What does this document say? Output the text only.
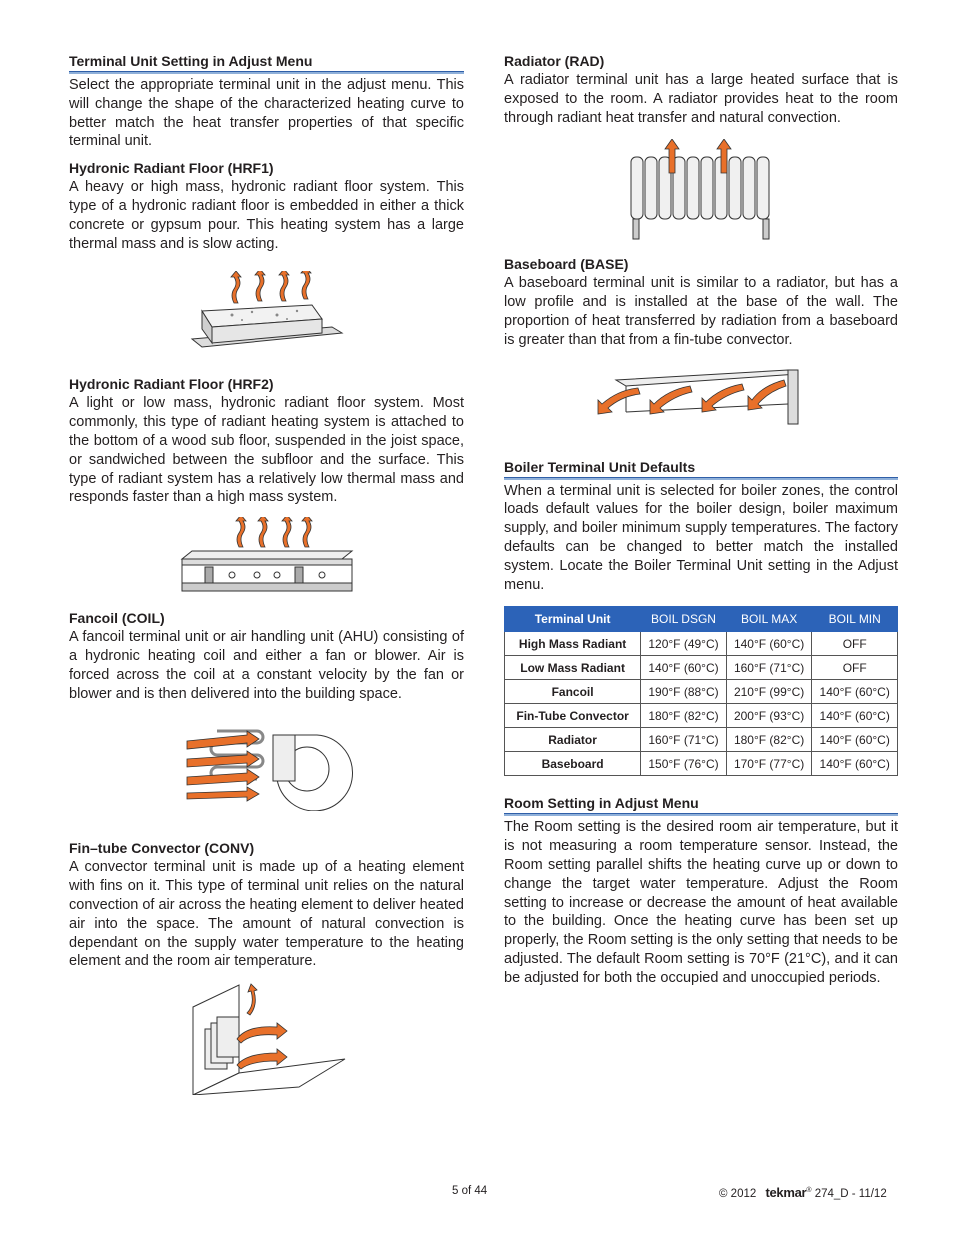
Terminal Unit Setting in Adjust Menu

Select the appropriate terminal unit in the adjust menu. This will change the shape of the characterized heating curve to better match the heat transfer properties of that specific terminal unit.

Hydronic Radiant Floor (HRF1)

A heavy or high mass, hydronic radiant floor system. This type of a hydronic radiant floor is embedded in either a thick concrete or gypsum pour. This heating system has a large thermal mass and is slow acting.

Hydronic Radiant Floor (HRF2)

A light or low mass, hydronic radiant floor system. Most commonly, this type of radiant heating system is attached to the bottom of a wood sub floor, suspended in the joist space, or sandwiched between the subfloor and the surface. This type of radiant system has a relatively low thermal mass and responds faster than a high mass system.

Fancoil (COIL)

A fancoil terminal unit or air handling unit (AHU) consisting of a hydronic heating coil and either a fan or blower. Air is forced across the coil at a constant velocity by the fan or blower and is then delivered into the building space.

Fin–tube Convector (CONV)

A convector terminal unit is made up of a heating element with fins on it. This type of terminal unit relies on the natural convection of air across the heating element to deliver heated air into the space. The amount of natural convection is dependant on the supply water temperature to the heating element and the room air temperature.

Radiator (RAD)

A radiator terminal unit has a large heated surface that is exposed to the room. A radiator provides heat to the room through radiant heat transfer and natural convection.

Baseboard (BASE)

A baseboard terminal unit is similar to a radiator, but has a low profile and is installed at the base of the wall. The proportion of heat transferred by radiation from a baseboard is greater than that from a fin-tube convector.

Boiler Terminal Unit Defaults

When a terminal unit is selected for boiler zones, the control loads default values for the boiler design, boiler maximum supply, and boiler minimum supply temperatures. The factory defaults can be changed to better match the installed system. Locate the Boiler Terminal Unit setting in the Adjust menu.

Terminal Unit	BOIL DSGN	BOIL MAX	BOIL MIN
High Mass Radiant	120°F (49°C)	140°F (60°C)	OFF
Low Mass Radiant	140°F (60°C)	160°F (71°C)	OFF
Fancoil	190°F (88°C)	210°F (99°C)	140°F (60°C)
Fin-Tube Convector	180°F (82°C)	200°F (93°C)	140°F (60°C)
Radiator	160°F (71°C)	180°F (82°C)	140°F (60°C)
Baseboard	150°F (76°C)	170°F (77°C)	140°F (60°C)
Room Setting in Adjust Menu

The Room setting is the desired room air temperature, but it is not measuring a room temperature sensor. Instead, the Room setting parallel shifts the heating curve up or down to change the target water temperature. Adjust the Room setting to increase or decrease the amount of heat available to the building. Once the heating curve has been set up properly, the Room setting is the only setting that needs to be adjusted. The default Room setting is 70°F (21°C), and it can be adjusted for both the occupied and unoccupied periods.

5 of 44	© 2012 tekmar® 274_D - 11/12
